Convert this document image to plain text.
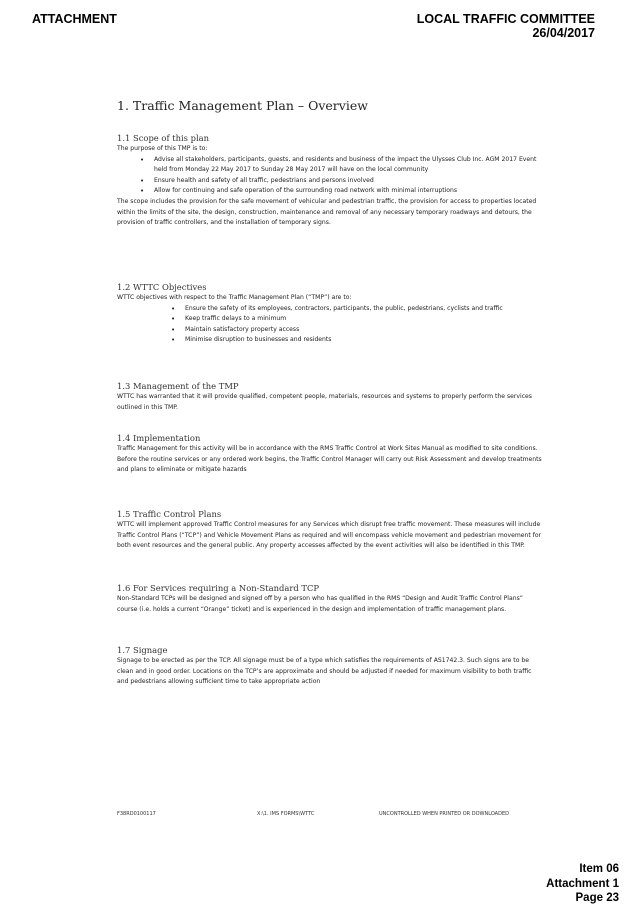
ATTACHMENT	LOCAL TRAFFIC COMMITTEE
26/04/2017
1. Traffic Management Plan – Overview
1.1 Scope of this plan

The purpose of this TMP is to:

• Advise all stakeholders, participants, guests, and residents and business of the impact the Ulysses Club Inc. AGM 2017 Event held from Monday 22 May 2017 to Sunday 28 May 2017 will have on the local community
• Ensure health and safety of all traffic, pedestrians and persons involved
• Allow for continuing and safe operation of the surrounding road network with minimal interruptions

The scope includes the provision for the safe movement of vehicular and pedestrian traffic, the provision for access to properties located within the limits of the site, the design, construction, maintenance and removal of any necessary temporary roadways and detours, the provision of traffic controllers, and the installation of temporary signs.

1.2 WTTC Objectives

WTTC objectives with respect to the Traffic Management Plan (“TMP”) are to:

• Ensure the safety of its employees, contractors, participants, the public, pedestrians, cyclists and traffic
• Keep traffic delays to a minimum
• Maintain satisfactory property access
• Minimise disruption to businesses and residents
1.3 Management of the TMP

WTTC has warranted that it will provide qualified, competent people, materials, resources and systems to properly perform the services outlined in this TMP.

1.4 Implementation

Traffic Management for this activity will be in accordance with the RMS Traffic Control at Work Sites Manual as modified to site conditions.

Before the routine services or any ordered work begins, the Traffic Control Manager will carry out Risk Assessment and develop treatments and plans to eliminate or mitigate hazards

1.5 Traffic Control Plans

WTTC will implement approved Traffic Control measures for any Services which disrupt free traffic movement. These measures will include Traffic Control Plans (“TCP”) and Vehicle Movement Plans as required and will encompass vehicle movement and pedestrian movement for both event resources and the general public. Any property accesses affected by the event activities will also be identified in this TMP.

1.6 For Services requiring a Non-Standard TCP

Non-Standard TCPs will be designed and signed off by a person who has qualified in the RMS “Design and Audit Traffic Control Plans” course (i.e. holds a current “Orange” ticket) and is experienced in the design and implementation of traffic management plans.

1.7 Signage

Signage to be erected as per the TCP. All signage must be of a type which satisfies the requirements of AS1742.3. Such signs are to be clean and in good order. Locations on the TCP’s are approximate and should be adjusted if needed for maximum visibility to both traffic and pedestrians allowing sufficient time to take appropriate action

F38RD0100117	X:\1. IMS FORMS\WTTC	UNCONTROLLED WHEN PRINTED OR DOWNLOADED
Item 06
Attachment 1
Page 23
